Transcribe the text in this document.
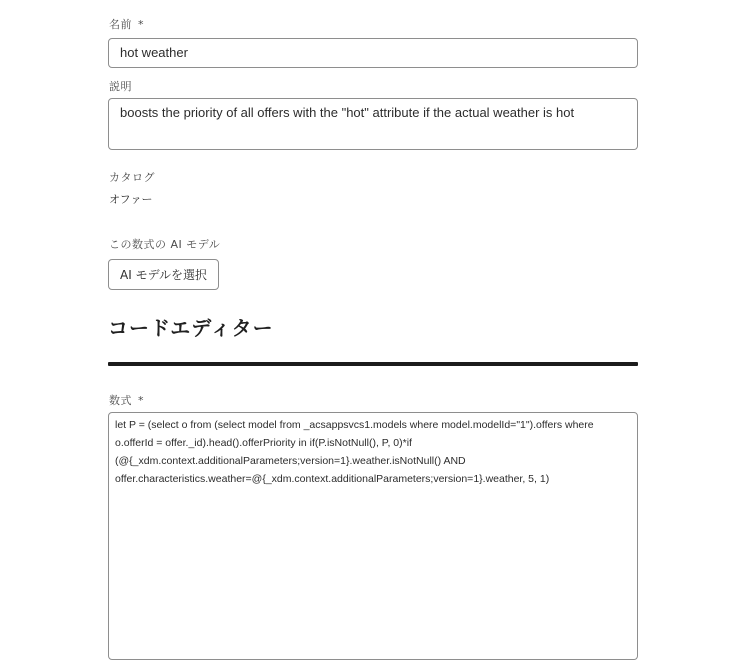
名前 *
hot weather
説明
boosts the priority of all offers with the "hot" attribute if the actual weather is hot
カタログ
オファー
この数式の AI モデル
AI モデルを選択
コードエディター
数式 *
let P = (select o from (select model from _acsappsvcs1.models where model.modelId="1").offers where o.offerId = offer._id).head().offerPriority in if(P.isNotNull(), P, 0)*if (@{_xdm.context.additionalParameters;version=1}.weather.isNotNull() AND offer.characteristics.weather=@{_xdm.context.additionalParameters;version=1}.weather, 5, 1)
